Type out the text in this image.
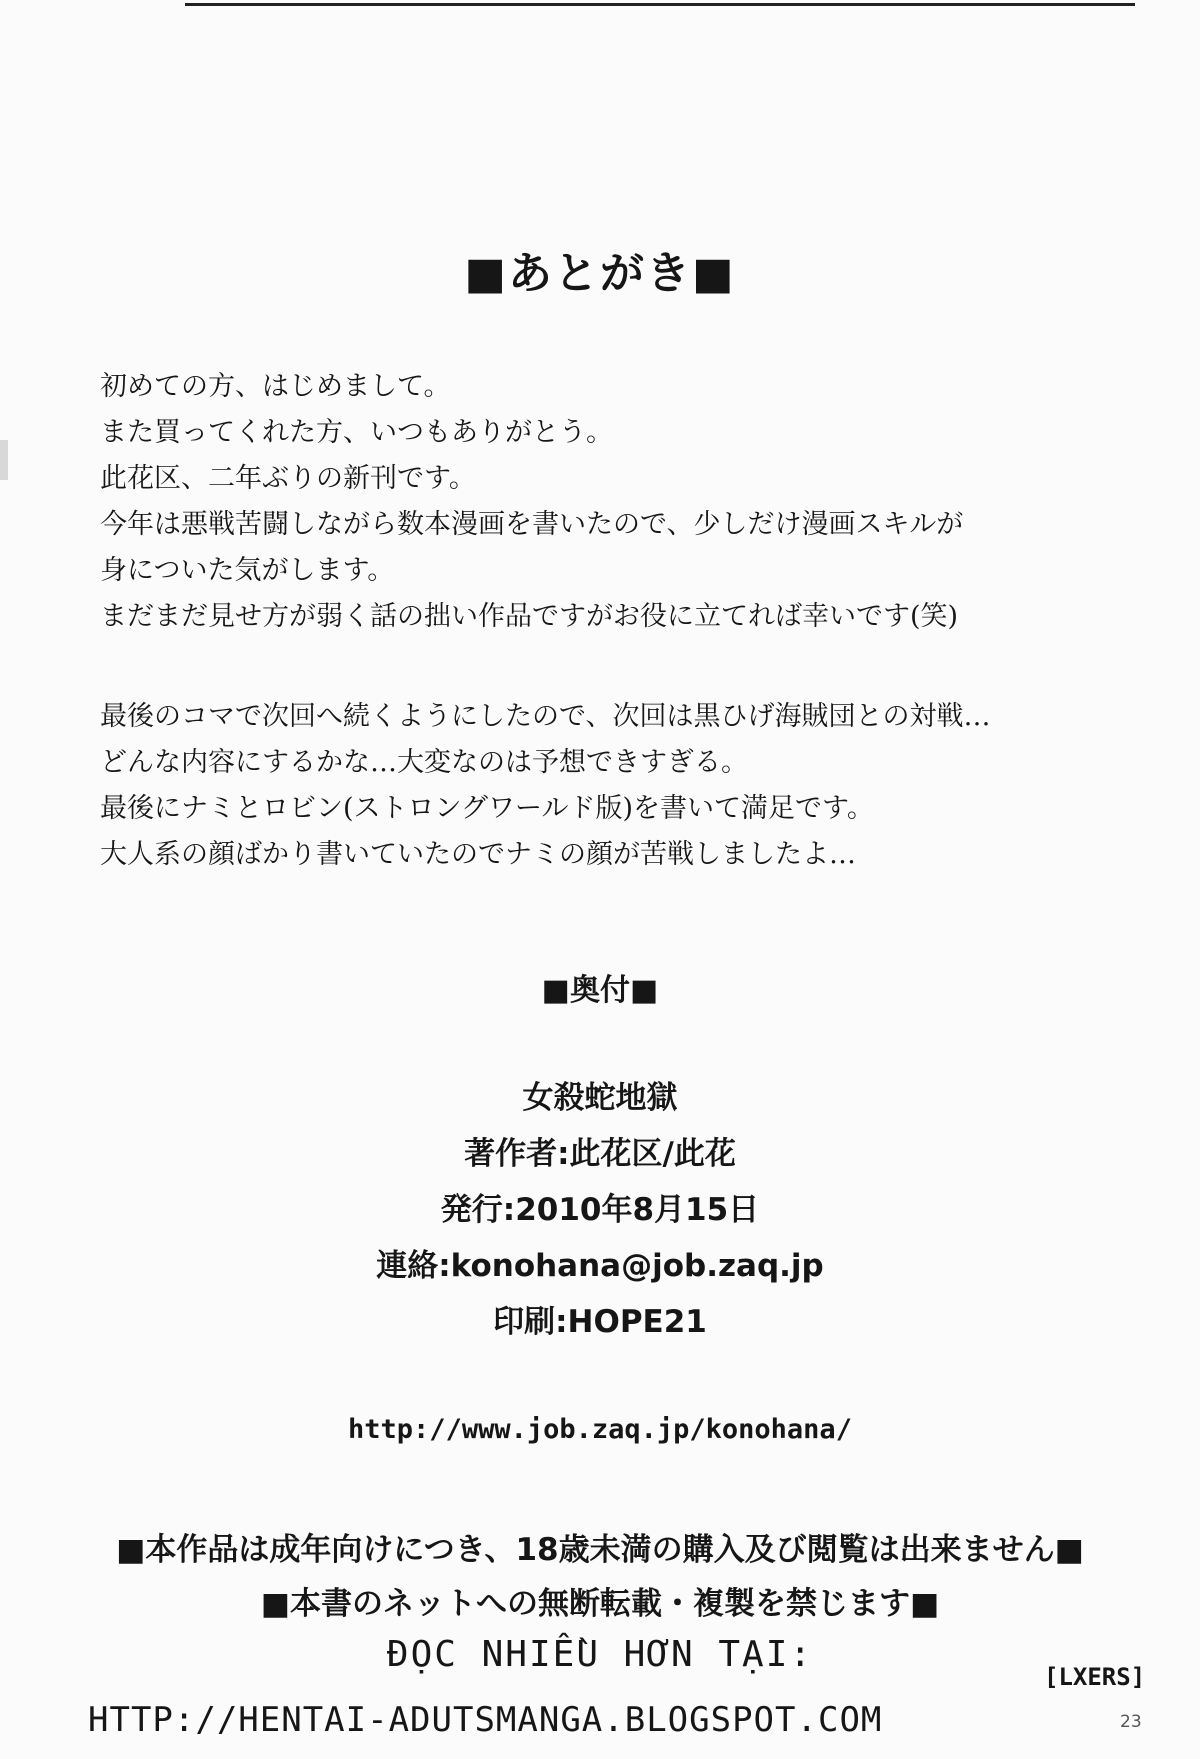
■あとがき■
初めての方、はじめまして。
また買ってくれた方、いつもありがとう。
此花区、二年ぶりの新刊です。
今年は悪戦苦闘しながら数本漫画を書いたので、少しだけ漫画スキルが
身についた気がします。
まだまだ見せ方が弱く話の拙い作品ですがお役に立てれば幸いです(笑)
最後のコマで次回へ続くようにしたので、次回は黒ひげ海賊団との対戦…
どんな内容にするかな…大変なのは予想できすぎる。
最後にナミとロビン(ストロングワールド版)を書いて満足です。
大人系の顔ばかり書いていたのでナミの顔が苦戦しましたよ…
■奥付■
女殺蛇地獄
著作者:此花区/此花
発行:2010年8月15日
連絡:konohana@job.zaq.jp
印刷:HOPE21
http://www.job.zaq.jp/konohana/
■本作品は成年向けにつき、18歳未満の購入及び閲覧は出来ません■
■本書のネットへの無断転載・複製を禁じます■
ĐỌC NHIỀU HƠN TẠI:
HTTP://HENTAI-ADUTSMANGA.BLOGSPOT.COM
[LXERS]
23
